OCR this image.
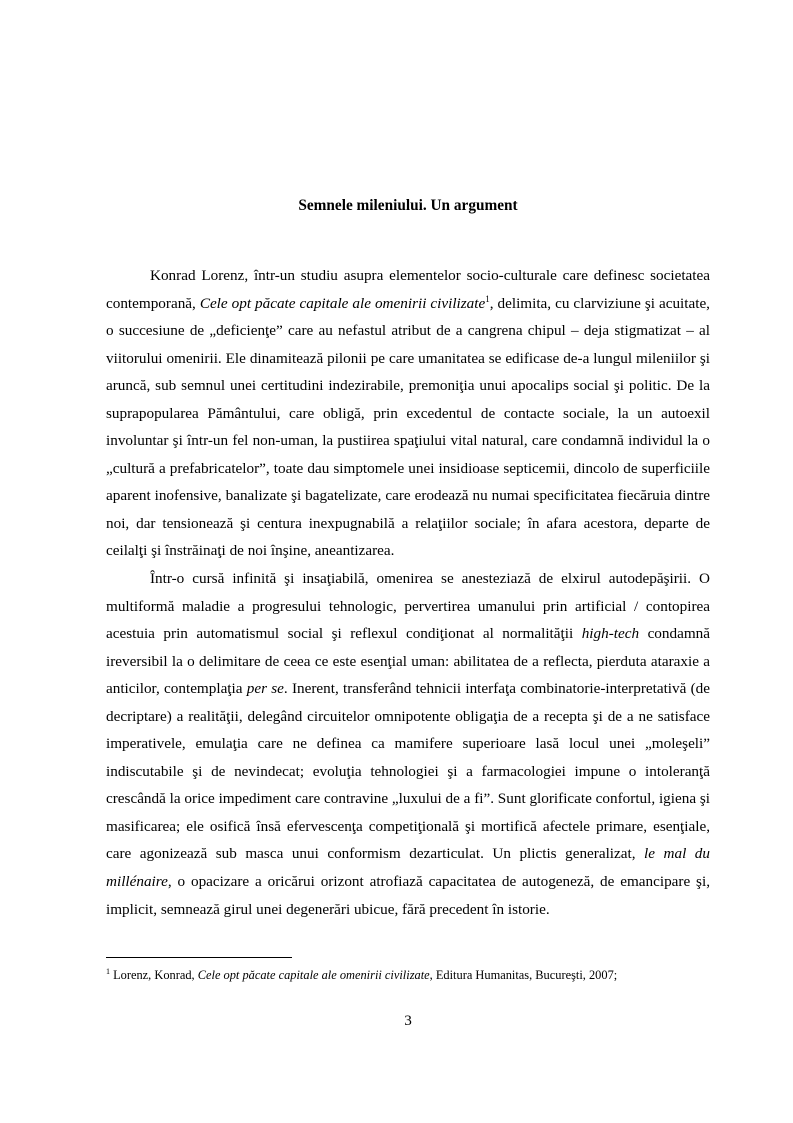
Semnele mileniului. Un argument

Konrad Lorenz, într-un studiu asupra elementelor socio-culturale care definesc societatea contemporană, Cele opt păcate capitale ale omenirii civilizate$^1$, delimita, cu clarviziune şi acuitate, o succesiune de „deficienţe” care au nefastul atribut de a cangrena chipul – deja stigmatizat – al viitorului omenirii. Ele dinamitează pilonii pe care umanitatea se edificase de-a lungul mileniilor şi aruncă, sub semnul unei certitudini indezirabile, premoniţia unui apocalips social şi politic. De la suprapopularea Pământului, care obligă, prin excedentul de contacte sociale, la un autoexil involuntar şi într-un fel non-uman, la pustiirea spaţiului vital natural, care condamnă individul la o „cultură a prefabricatelor”, toate dau simptomele unei insidioase septicemii, dincolo de superficiile aparent inofensive, banalizate şi bagatelizate, care erodează nu numai specificitatea fiecăruia dintre noi, dar tensionează şi centura inexpugnabilă a relaţiilor sociale; în afara acestora, departe de ceilalţi şi înstrăinaţi de noi înşine, aneantizarea.

Într-o cursă infinită şi insaţiabilă, omenirea se anesteziază de elxirul autodepăşirii. O multiformă maladie a progresului tehnologic, pervertirea umanului prin artificial / contopirea acestuia prin automatismul social şi reflexul condiţionat al normalităţii high-tech condamnă ireversibil la o delimitare de ceea ce este esenţial uman: abilitatea de a reflecta, pierduta ataraxie a anticilor, contemplaţia per se. Inerent, transferând tehnicii interfaţa combinatorie-interpretativă (de decriptare) a realităţii, delegând circuitelor omnipotente obligaţia de a recepta şi de a ne satisface imperativele, emulaţia care ne definea ca mamifere superioare lasă locul unei „moleşeli” indiscutabile şi de nevindecat; evoluţia tehnologiei şi a farmacologiei impune o intoleranţă crescândă la orice impediment care contravine „luxului de a fi”. Sunt glorificate confortul, igiena şi masificarea; ele osifică însă efervescenţa competiţională şi mortifică afectele primare, esenţiale, care agonizează sub masca unui conformism dezarticulat. Un plictis generalizat, le mal du millénaire, o opacizare a oricărui orizont atrofiază capacitatea de autogeneză, de emancipare şi, implicit, semnează girul unei degenerări ubicue, fără precedent în istorie.

$^1$ Lorenz, Konrad, Cele opt păcate capitale ale omenirii civilizate, Editura Humanitas, Bucureşti, 2007;

3
